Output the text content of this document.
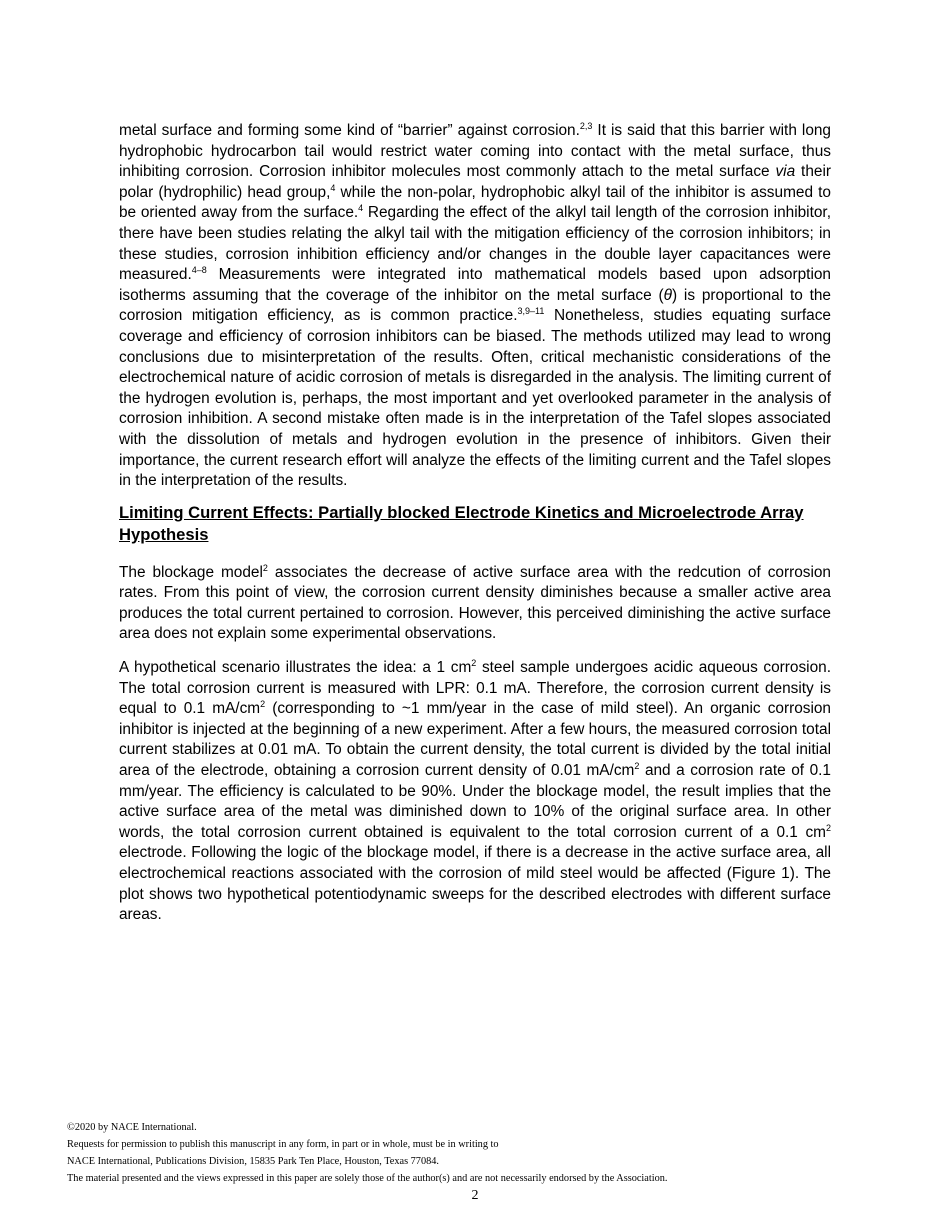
metal surface and forming some kind of “barrier” against corrosion.$^{2,3}$ It is said that this barrier with long hydrophobic hydrocarbon tail would restrict water coming into contact with the metal surface, thus inhibiting corrosion. Corrosion inhibitor molecules most commonly attach to the metal surface via their polar (hydrophilic) head group,$^4$ while the non-polar, hydrophobic alkyl tail of the inhibitor is assumed to be oriented away from the surface.$^4$ Regarding the effect of the alkyl tail length of the corrosion inhibitor, there have been studies relating the alkyl tail with the mitigation efficiency of the corrosion inhibitors; in these studies, corrosion inhibition efficiency and/or changes in the double layer capacitances were measured.$^{4-8}$ Measurements were integrated into mathematical models based upon adsorption isotherms assuming that the coverage of the inhibitor on the metal surface (θ) is proportional to the corrosion mitigation efficiency, as is common practice.$^{3,9-11}$ Nonetheless, studies equating surface coverage and efficiency of corrosion inhibitors can be biased. The methods utilized may lead to wrong conclusions due to misinterpretation of the results. Often, critical mechanistic considerations of the electrochemical nature of acidic corrosion of metals is disregarded in the analysis. The limiting current of the hydrogen evolution is, perhaps, the most important and yet overlooked parameter in the analysis of corrosion inhibition. A second mistake often made is in the interpretation of the Tafel slopes associated with the dissolution of metals and hydrogen evolution in the presence of inhibitors. Given their importance, the current research effort will analyze the effects of the limiting current and the Tafel slopes in the interpretation of the results.

Limiting Current Effects: Partially blocked Electrode Kinetics and Microelectrode Array Hypothesis

The blockage model$^2$ associates the decrease of active surface area with the redcution of corrosion rates. From this point of view, the corrosion current density diminishes because a smaller active area produces the total current pertained to corrosion. However, this perceived diminishing the active surface area does not explain some experimental observations.

A hypothetical scenario illustrates the idea: a 1 $cm^2$ steel sample undergoes acidic aqueous corrosion. The total corrosion current is measured with LPR: 0.1 mA. Therefore, the corrosion current density is equal to 0.1 $mA/cm^2$ (corresponding to ~1 mm/year in the case of mild steel). An organic corrosion inhibitor is injected at the beginning of a new experiment. After a few hours, the measured corrosion total current stabilizes at 0.01 mA. To obtain the current density, the total current is divided by the total initial area of the electrode, obtaining a corrosion current density of 0.01 $mA/cm^2$ and a corrosion rate of 0.1 mm/year. The efficiency is calculated to be 90%. Under the blockage model, the result implies that the active surface area of the metal was diminished down to 10% of the original surface area. In other words, the total corrosion current obtained is equivalent to the total corrosion current of a 0.1 $cm^2$ electrode. Following the logic of the blockage model, if there is a decrease in the active surface area, all electrochemical reactions associated with the corrosion of mild steel would be affected (Figure 1). The plot shows two hypothetical potentiodynamic sweeps for the described electrodes with different surface areas.

©2020 by NACE International.
Requests for permission to publish this manuscript in any form, in part or in whole, must be in writing to
NACE International, Publications Division, 15835 Park Ten Place, Houston, Texas 77084.
The material presented and the views expressed in this paper are solely those of the author(s) and are not necessarily endorsed by the Association.
2
